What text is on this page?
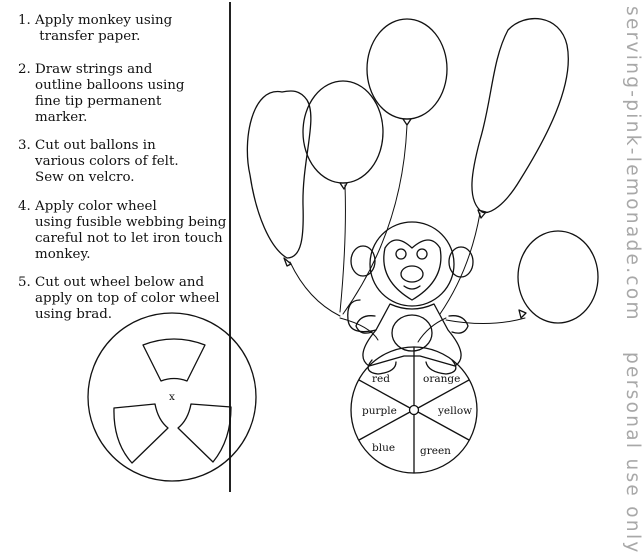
1. Apply monkey using
transfer paper.
2. Draw strings and
outline balloons using
fine tip permanent
marker.
3. Cut out ballons in
various colors of felt.
Sew on velcro.
4. Apply color wheel
using fusible webbing being
careful not to let iron touch
monkey.
5. Cut out wheel below and
apply on top of color wheel
using brad.
x
red	orange
yellow
green
blue
purple
serving-pink-lemonade.com personal use only
